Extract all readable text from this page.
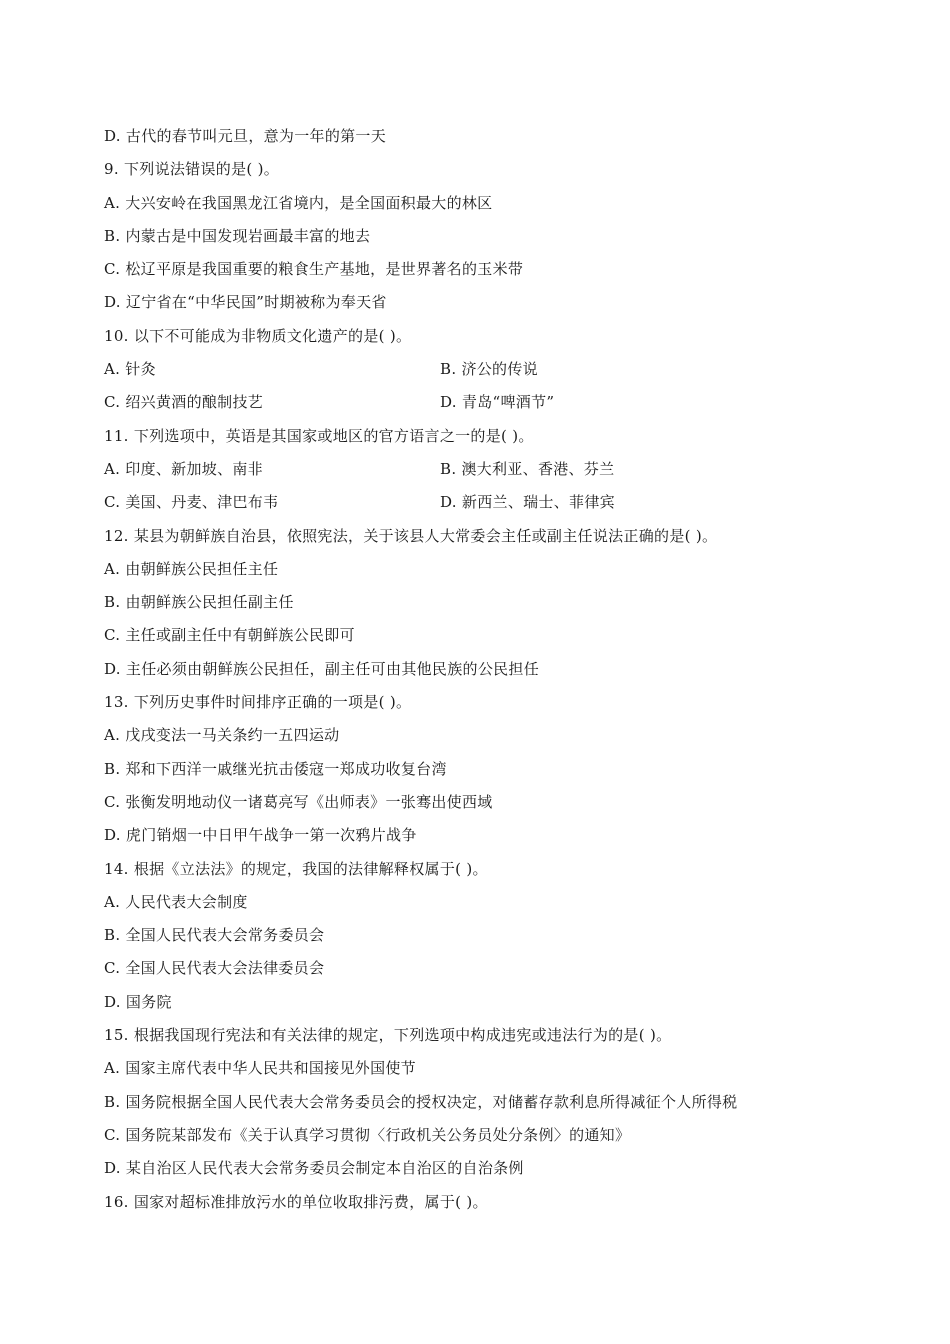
D. 古代的春节叫元旦，意为一年的第一天
9. 下列说法错误的是( )。
A. 大兴安岭在我国黑龙江省境内，是全国面积最大的林区
B. 内蒙古是中国发现岩画最丰富的地去
C. 松辽平原是我国重要的粮食生产基地，是世界著名的玉米带
D. 辽宁省在“中华民国”时期被称为奉天省
10. 以下不可能成为非物质文化遗产的是( )。
A. 针灸	B. 济公的传说
C. 绍兴黄酒的酿制技艺	D. 青岛“啤酒节”
11. 下列选项中，英语是其国家或地区的官方语言之一的是( )。
A. 印度、新加坡、南非	B. 澳大利亚、香港、芬兰
C. 美国、丹麦、津巴布韦	D. 新西兰、瑞士、菲律宾
12. 某县为朝鲜族自治县，依照宪法，关于该县人大常委会主任或副主任说法正确的是( )。
A. 由朝鲜族公民担任主任
B. 由朝鲜族公民担任副主任
C. 主任或副主任中有朝鲜族公民即可
D. 主任必须由朝鲜族公民担任，副主任可由其他民族的公民担任
13. 下列历史事件时间排序正确的一项是( )。
A. 戊戌变法一马关条约一五四运动
B. 郑和下西洋一戚继光抗击倭寇一郑成功收复台湾
C. 张衡发明地动仪一诸葛亮写《出师表》一张骞出使西域
D. 虎门销烟一中日甲午战争一第一次鸦片战争
14. 根据《立法法》的规定，我国的法律解释权属于( )。
A. 人民代表大会制度
B. 全国人民代表大会常务委员会
C. 全国人民代表大会法律委员会
D. 国务院
15. 根据我国现行宪法和有关法律的规定，下列选项中构成违宪或违法行为的是( )。
A. 国家主席代表中华人民共和国接见外国使节
B. 国务院根据全国人民代表大会常务委员会的授权决定，对储蓄存款利息所得减征个人所得税
C. 国务院某部发布《关于认真学习贯彻〈行政机关公务员处分条例〉的通知》
D. 某自治区人民代表大会常务委员会制定本自治区的自治条例
16. 国家对超标准排放污水的单位收取排污费，属于( )。
